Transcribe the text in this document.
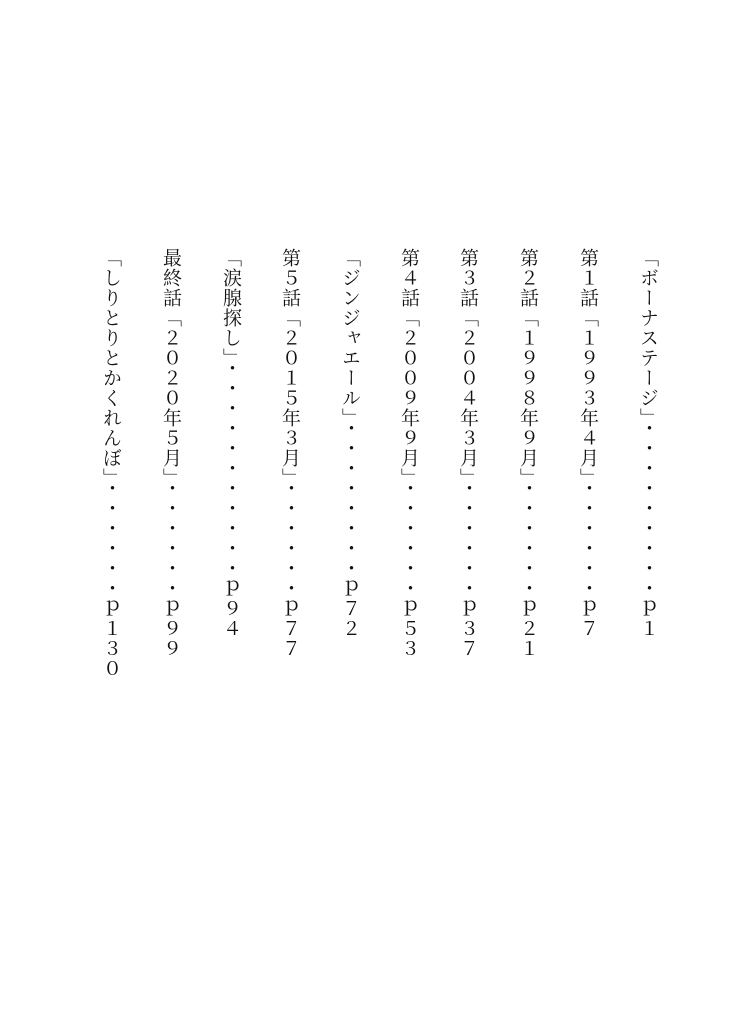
「ボーナステージ」・・・・・・・・・ｐ１
第１話「１９９３年４月」・・・・・・ｐ７
第２話「１９９８年９月」・・・・・・ｐ２１
第３話「２００４年３月」・・・・・・ｐ３７
第４話「２００９年９月」・・・・・・ｐ５３
「ジンジャエール」・・・・・・・・ｐ７２
第５話「２０１５年３月」・・・・・・ｐ７７
「涙腺探し」・・・・・・・・・・・ｐ９４
最終話「２０２０年５月」・・・・・・ｐ９９
「しりとりとかくれんぼ」・・・・・・ｐ１３０
